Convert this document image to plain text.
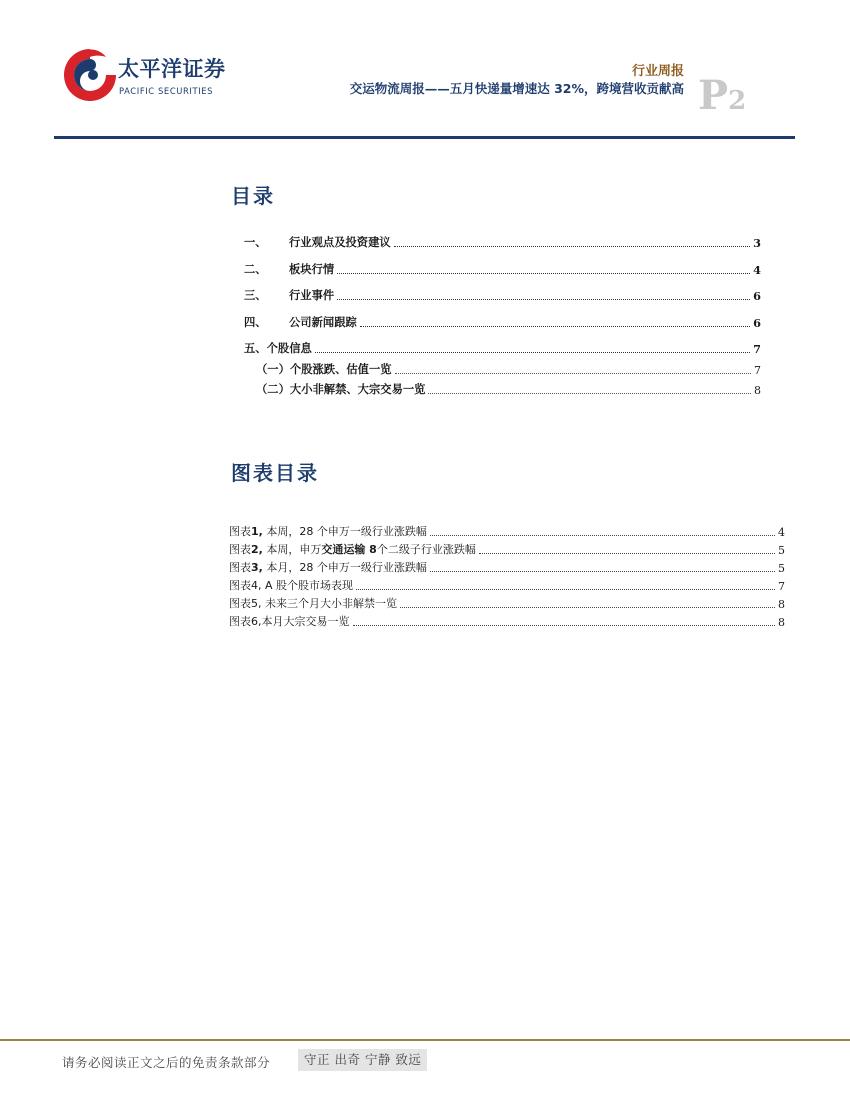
太平洋证券
PACIFIC SECURITIES
行业周报
交运物流周报——五月快递量增速达 32%，跨境营收贡献高 P2
目录
一、	行业观点及投资建议	3
二、	板块行情	4
三、	行业事件	6
四、	公司新闻跟踪	6
五、 个股信息	7
（一）个股涨跌、估值一览	7
（二）大小非解禁、大宗交易一览	8
图表目录
图表1, 本周，28 个申万一级行业涨跌幅	4
图表2, 本周，申万交通运输 8个二级子行业涨跌幅	5
图表3, 本月，28 个申万一级行业涨跌幅	5
图表4, A 股个股市场表现	7
图表5, 未来三个月大小非解禁一览	8
图表6,本月大宗交易一览	8
请务必阅读正文之后的免责条款部分	守正 出奇 宁静 致远
